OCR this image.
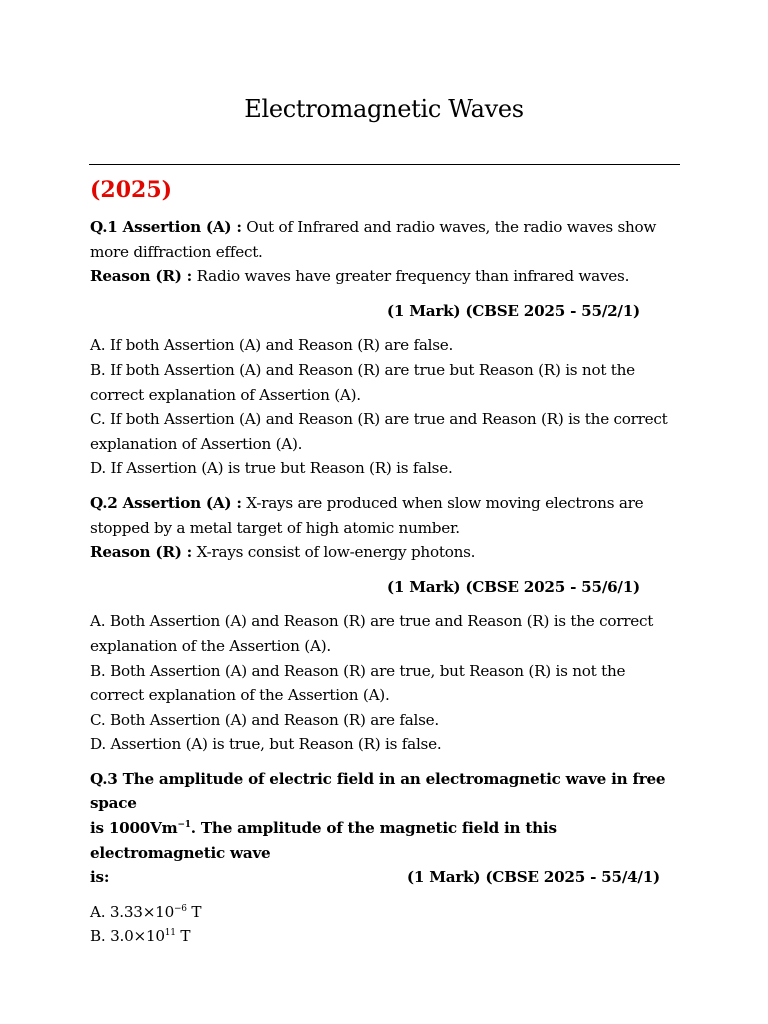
Electromagnetic Waves
(2025)

Q.1 Assertion (A) : Out of Infrared and radio waves, the radio waves show

more diffraction effect.

Reason (R) : Radio waves have greater frequency than infrared waves.

(1 Mark) (CBSE 2025 - 55/2/1)

A. If both Assertion (A) and Reason (R) are false.

B. If both Assertion (A) and Reason (R) are true but Reason (R) is not the

correct explanation of Assertion (A).

C. If both Assertion (A) and Reason (R) are true and Reason (R) is the correct

explanation of Assertion (A).

D. If Assertion (A) is true but Reason (R) is false.

Q.2 Assertion (A) : X-rays are produced when slow moving electrons are

stopped by a metal target of high atomic number.

Reason (R) : X-rays consist of low-energy photons.

(1 Mark) (CBSE 2025 - 55/6/1)

A. Both Assertion (A) and Reason (R) are true and Reason (R) is the correct

explanation of the Assertion (A).

B. Both Assertion (A) and Reason (R) are true, but Reason (R) is not the

correct explanation of the Assertion (A).

C. Both Assertion (A) and Reason (R) are false.

D. Assertion (A) is true, but Reason (R) is false.

Q.3 The amplitude of electric field in an electromagnetic wave in free space

is $1000Vm^{-1}$. The amplitude of the magnetic field in this electromagnetic wave

is:	(1 Mark) (CBSE 2025 - 55/4/1)

A. $3.33\times 10^{-6}$ T

B. $3.0\times 10^{11}$ T
